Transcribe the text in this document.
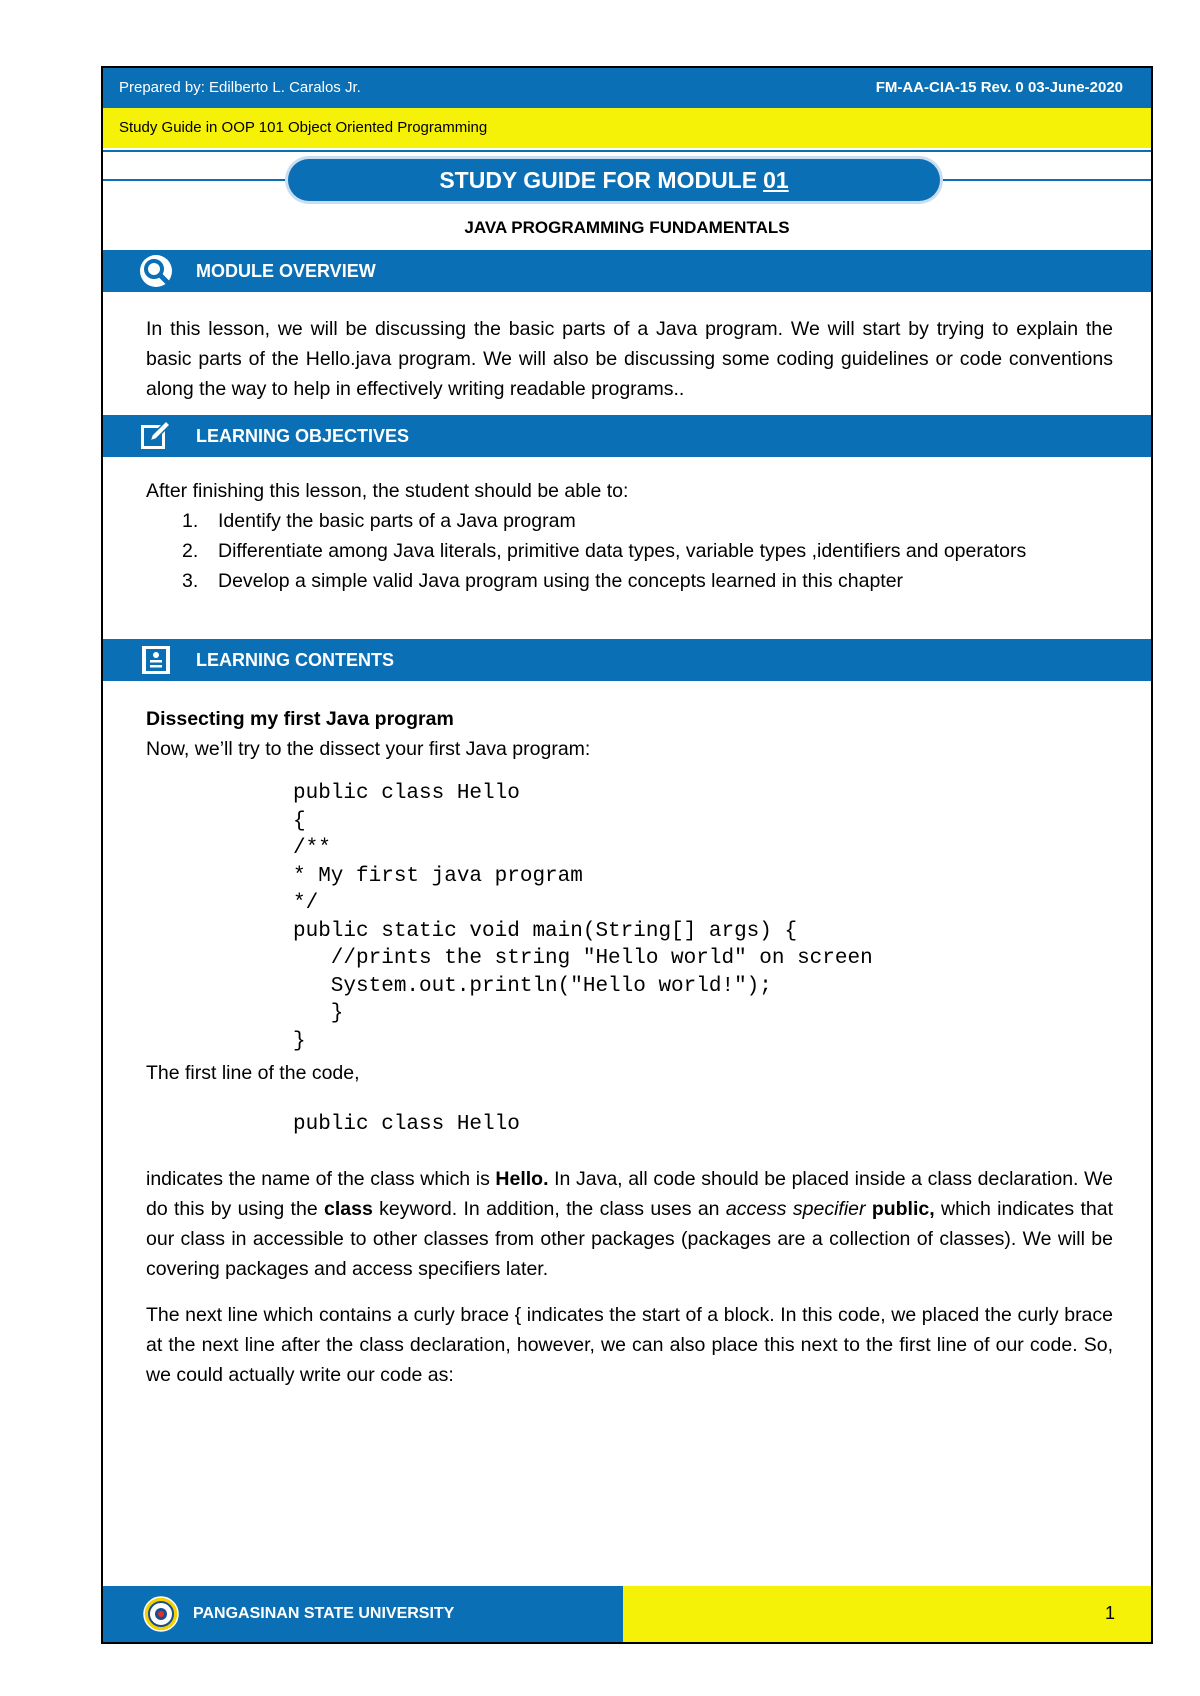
Prepared by: Edilberto L. Caralos Jr.	FM-AA-CIA-15 Rev. 0 03-June-2020
Study Guide in OOP 101 Object Oriented Programming
STUDY GUIDE FOR MODULE 01
JAVA PROGRAMMING FUNDAMENTALS
MODULE OVERVIEW
In this lesson, we will be discussing the basic parts of a Java program. We will start by trying to explain the basic parts of the Hello.java program. We will also be discussing some coding guidelines or code conventions along the way to help in effectively writing readable programs..
LEARNING OBJECTIVES
After finishing this lesson, the student should be able to:
1. Identify the basic parts of a Java program
2. Differentiate among Java literals, primitive data types, variable types ,identifiers and operators
3. Develop a simple valid Java program using the concepts learned in this chapter
LEARNING CONTENTS
Dissecting my first Java program
Now, we’ll try to the dissect your first Java program:
public class Hello
{
/**
* My first java program
*/
public static void main(String[] args) {
//prints the string "Hello world" on screen
System.out.println("Hello world!");
}
}
The first line of the code,
public class Hello
indicates the name of the class which is Hello. In Java, all code should be placed inside a class declaration. We do this by using the class keyword. In addition, the class uses an access specifier public, which indicates that our class in accessible to other classes from other packages (packages are a collection of classes). We will be covering packages and access specifiers later.
The next line which contains a curly brace { indicates the start of a block. In this code, we placed the curly brace at the next line after the class declaration, however, we can also place this next to the first line of our code. So, we could actually write our code as:
PANGASINAN STATE UNIVERSITY	1
